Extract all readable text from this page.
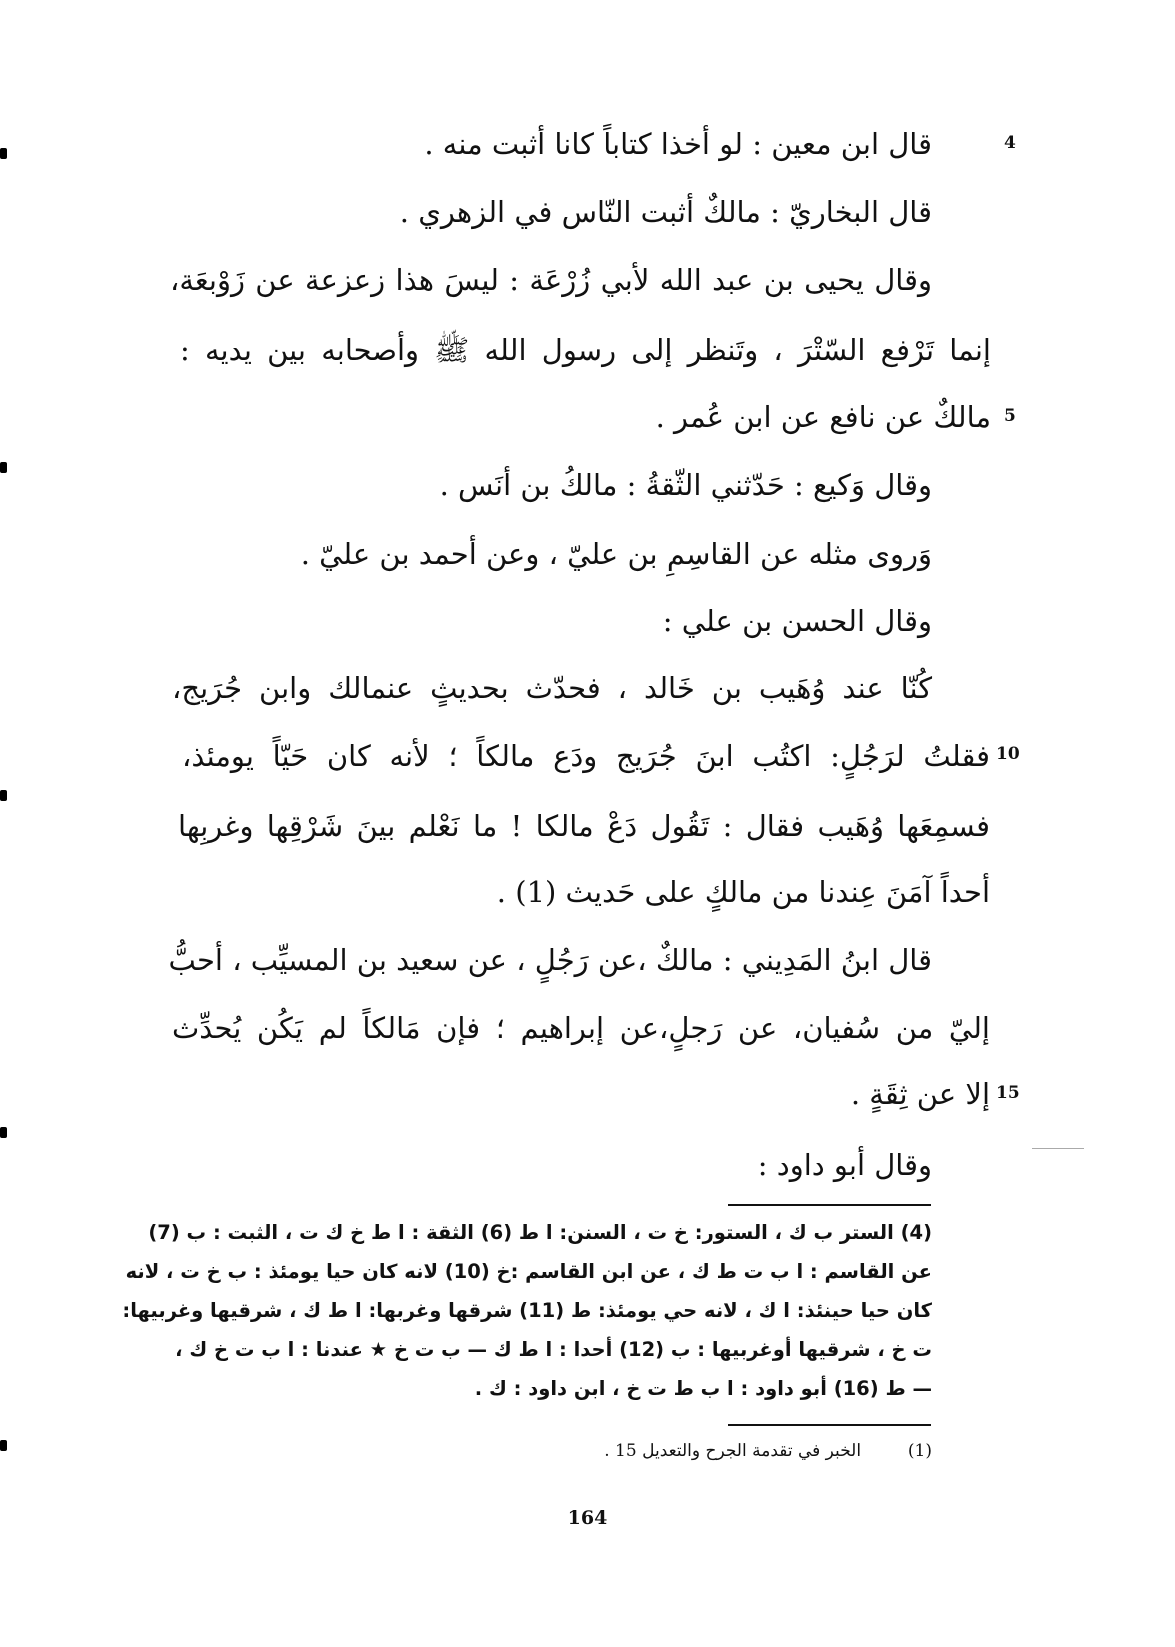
4
5
10
15
قال ابن معين : لو أخذا كتاباً كانا أثبت منه .
قال البخاريّ : مالكٌ أثبت النّاس في الزهري .
وقال يحيى بن عبد الله لأبي زُرْعَة : ليسَ هذا زعزعة عن زَوْبعَة،
إنما تَرْفع السّتْرَ ، وتَنظر إلى رسول الله ﷺ وأصحابه بين يديه :
مالكٌ عن نافع عن ابن عُمر .
وقال وَكيع : حَدّثني الثّقةُ : مالكُ بن أنَس .
وَروى مثله عن القاسِمِ بن عليّ ، وعن أحمد بن عليّ .
وقال الحسن بن علي :
كُنّا عند وُهَيب بن خَالد ، فحدّث بحديثٍ عنمالك وابن جُرَيج،
فقلتُ لرَجُلٍ: اكتُب ابنَ جُرَيج ودَع مالكاً ؛ لأنه كان حَيّاً يومئذ،
فسمِعَها وُهَيب فقال : تَقُول دَعْ مالكا ! ما نَعْلم بينَ شَرْقِها وغربِها
أحداً آمَنَ عِندنا من مالكٍ على حَديث (1) .
قال ابنُ المَدِيني : مالكٌ ،عن رَجُلٍ ، عن سعيد بن المسيِّب ، أحبُّ
إليّ من سُفيان، عن رَجلٍ،عن إبراهيم ؛ فإن مَالكاً لم يَكُن يُحدِّث
إلا عن ثِقَةٍ .
وقال أبو داود :
(4) الستر ب ك ، الستور: خ ت ، السنن: ا ط (6) الثقة : ا ط خ ك ت ، الثبت : ب (7)
عن القاسم : ا ب ت ط ك ، عن ابن القاسم :خ (10) لانه كان حيا يومئذ : ب خ ت ، لانه
كان حيا حينئذ: ا ك ، لانه حي يومئذ: ط (11) شرقها وغربها: ا ط ك ، شرقيها وغربيها:
ت خ ، شرقيها أوغربيها : ب (12) أحدا : ا ط ك — ب ت خ ★ عندنا : ا ب ت خ ك ،
— ط (16) أبو داود : ا ب ط ت خ ، ابن داود : ك .
(1)  الخبر في تقدمة الجرح والتعديل 15 .
164
